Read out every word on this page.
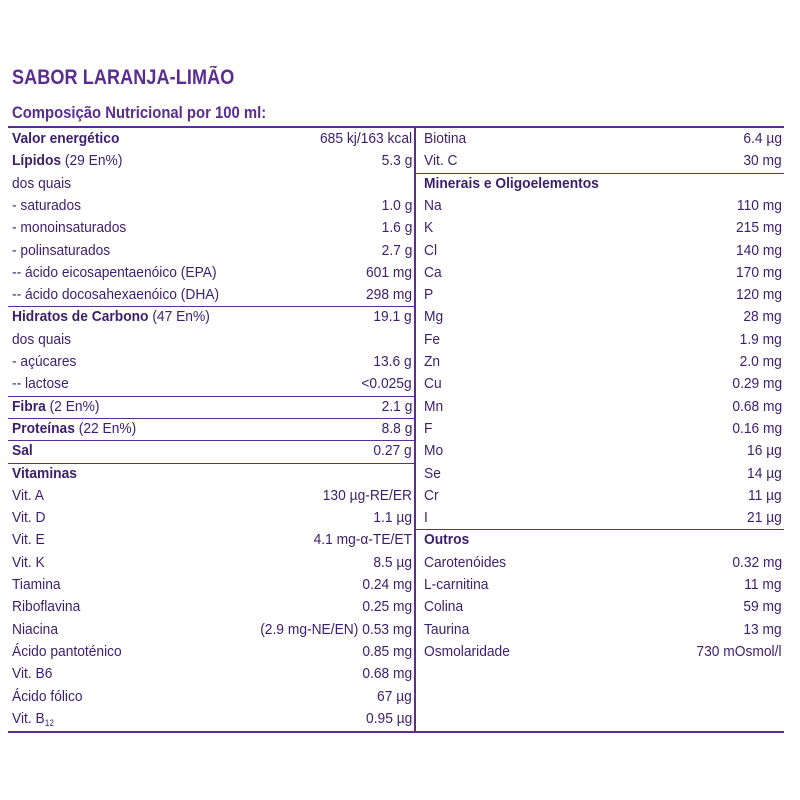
SABOR LARANJA-LIMÃO
Composição Nutricional por 100 ml:
Valor energético	685 kj/163 kcal
Lípidos (29 En%)	5.3 g
dos quais
- saturados	1.0 g
- monoinsaturados	1.6 g
- polinsaturados	2.7 g
-- ácido eicosapentaenóico (EPA)	601 mg
-- ácido docosahexaenóico (DHA)	298 mg
Hidratos de Carbono (47 En%)	19.1 g
dos quais
- açúcares	13.6 g
-- lactose	<0.025g
Fibra (2 En%)	2.1 g
Proteínas (22 En%)	8.8 g
Sal	0.27 g
Vitaminas
Vit. A	130 µg-RE/ER
Vit. D	1.1 µg
Vit. E	4.1 mg-α-TE/ET
Vit. K	8.5 µg
Tiamina	0.24 mg
Riboflavina	0.25 mg
Niacina	(2.9 mg-NE/EN) 0.53 mg
Ácido pantoténico	0.85 mg
Vit. B6	0.68 mg
Ácido fólico	67 µg
Vit. $B_{12}$	0.95 µg
Biotina	6.4 µg
Vit. C	30 mg
Minerais e Oligoelementos
Na	110 mg
K	215 mg
Cl	140 mg
Ca	170 mg
P	120 mg
Mg	28 mg
Fe	1.9 mg
Zn	2.0 mg
Cu	0.29 mg
Mn	0.68 mg
F	0.16 mg
Mo	16 µg
Se	14 µg
Cr	11 µg
I	21 µg
Outros
Carotenóides	0.32 mg
L-carnitina	11 mg
Colina	59 mg
Taurina	13 mg
Osmolaridade	730 mOsmol/l
